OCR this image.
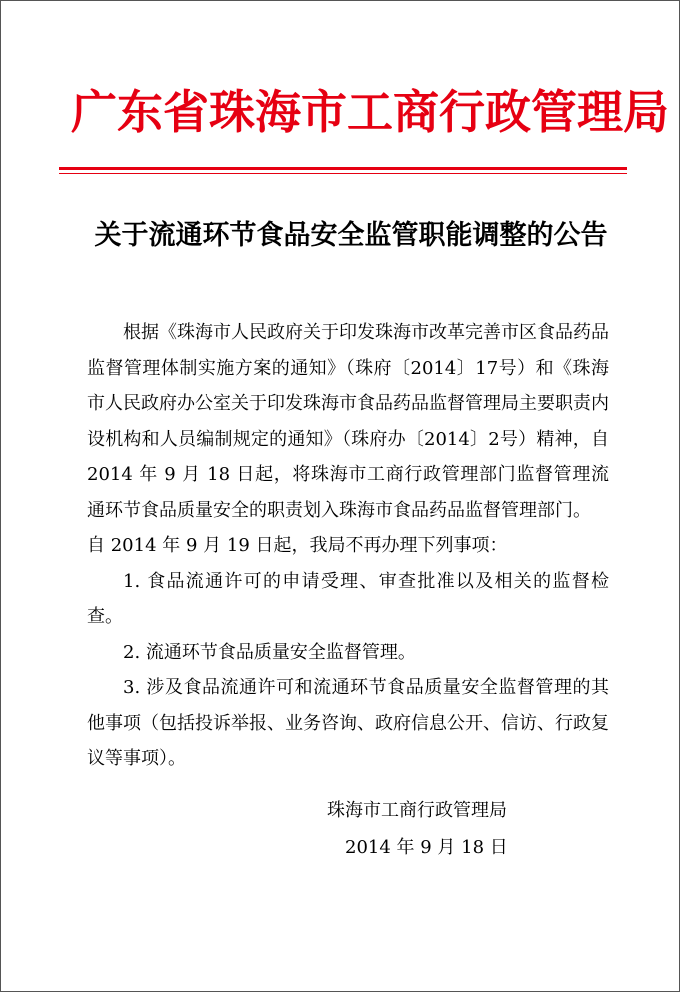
广东省珠海市工商行政管理局
关于流通环节食品安全监管职能调整的公告

根据《珠海市人民政府关于印发珠海市改革完善市区食品药品监督管理体制实施方案的通知》（珠府〔2014〕17号）和《珠海市人民政府办公室关于印发珠海市食品药品监督管理局主要职责内设机构和人员编制规定的通知》（珠府办〔2014〕2号）精神，自 2014 年 9 月 18 日起，将珠海市工商行政管理部门监督管理流通环节食品质量安全的职责划入珠海市食品药品监督管理部门。

自 2014 年 9 月 19 日起，我局不再办理下列事项：

1. 食品流通许可的申请受理、审查批准以及相关的监督检查。

2. 流通环节食品质量安全监督管理。

3. 涉及食品流通许可和流通环节食品质量安全监督管理的其他事项（包括投诉举报、业务咨询、政府信息公开、信访、行政复议等事项）。

珠海市工商行政管理局
2014 年 9 月 18 日
